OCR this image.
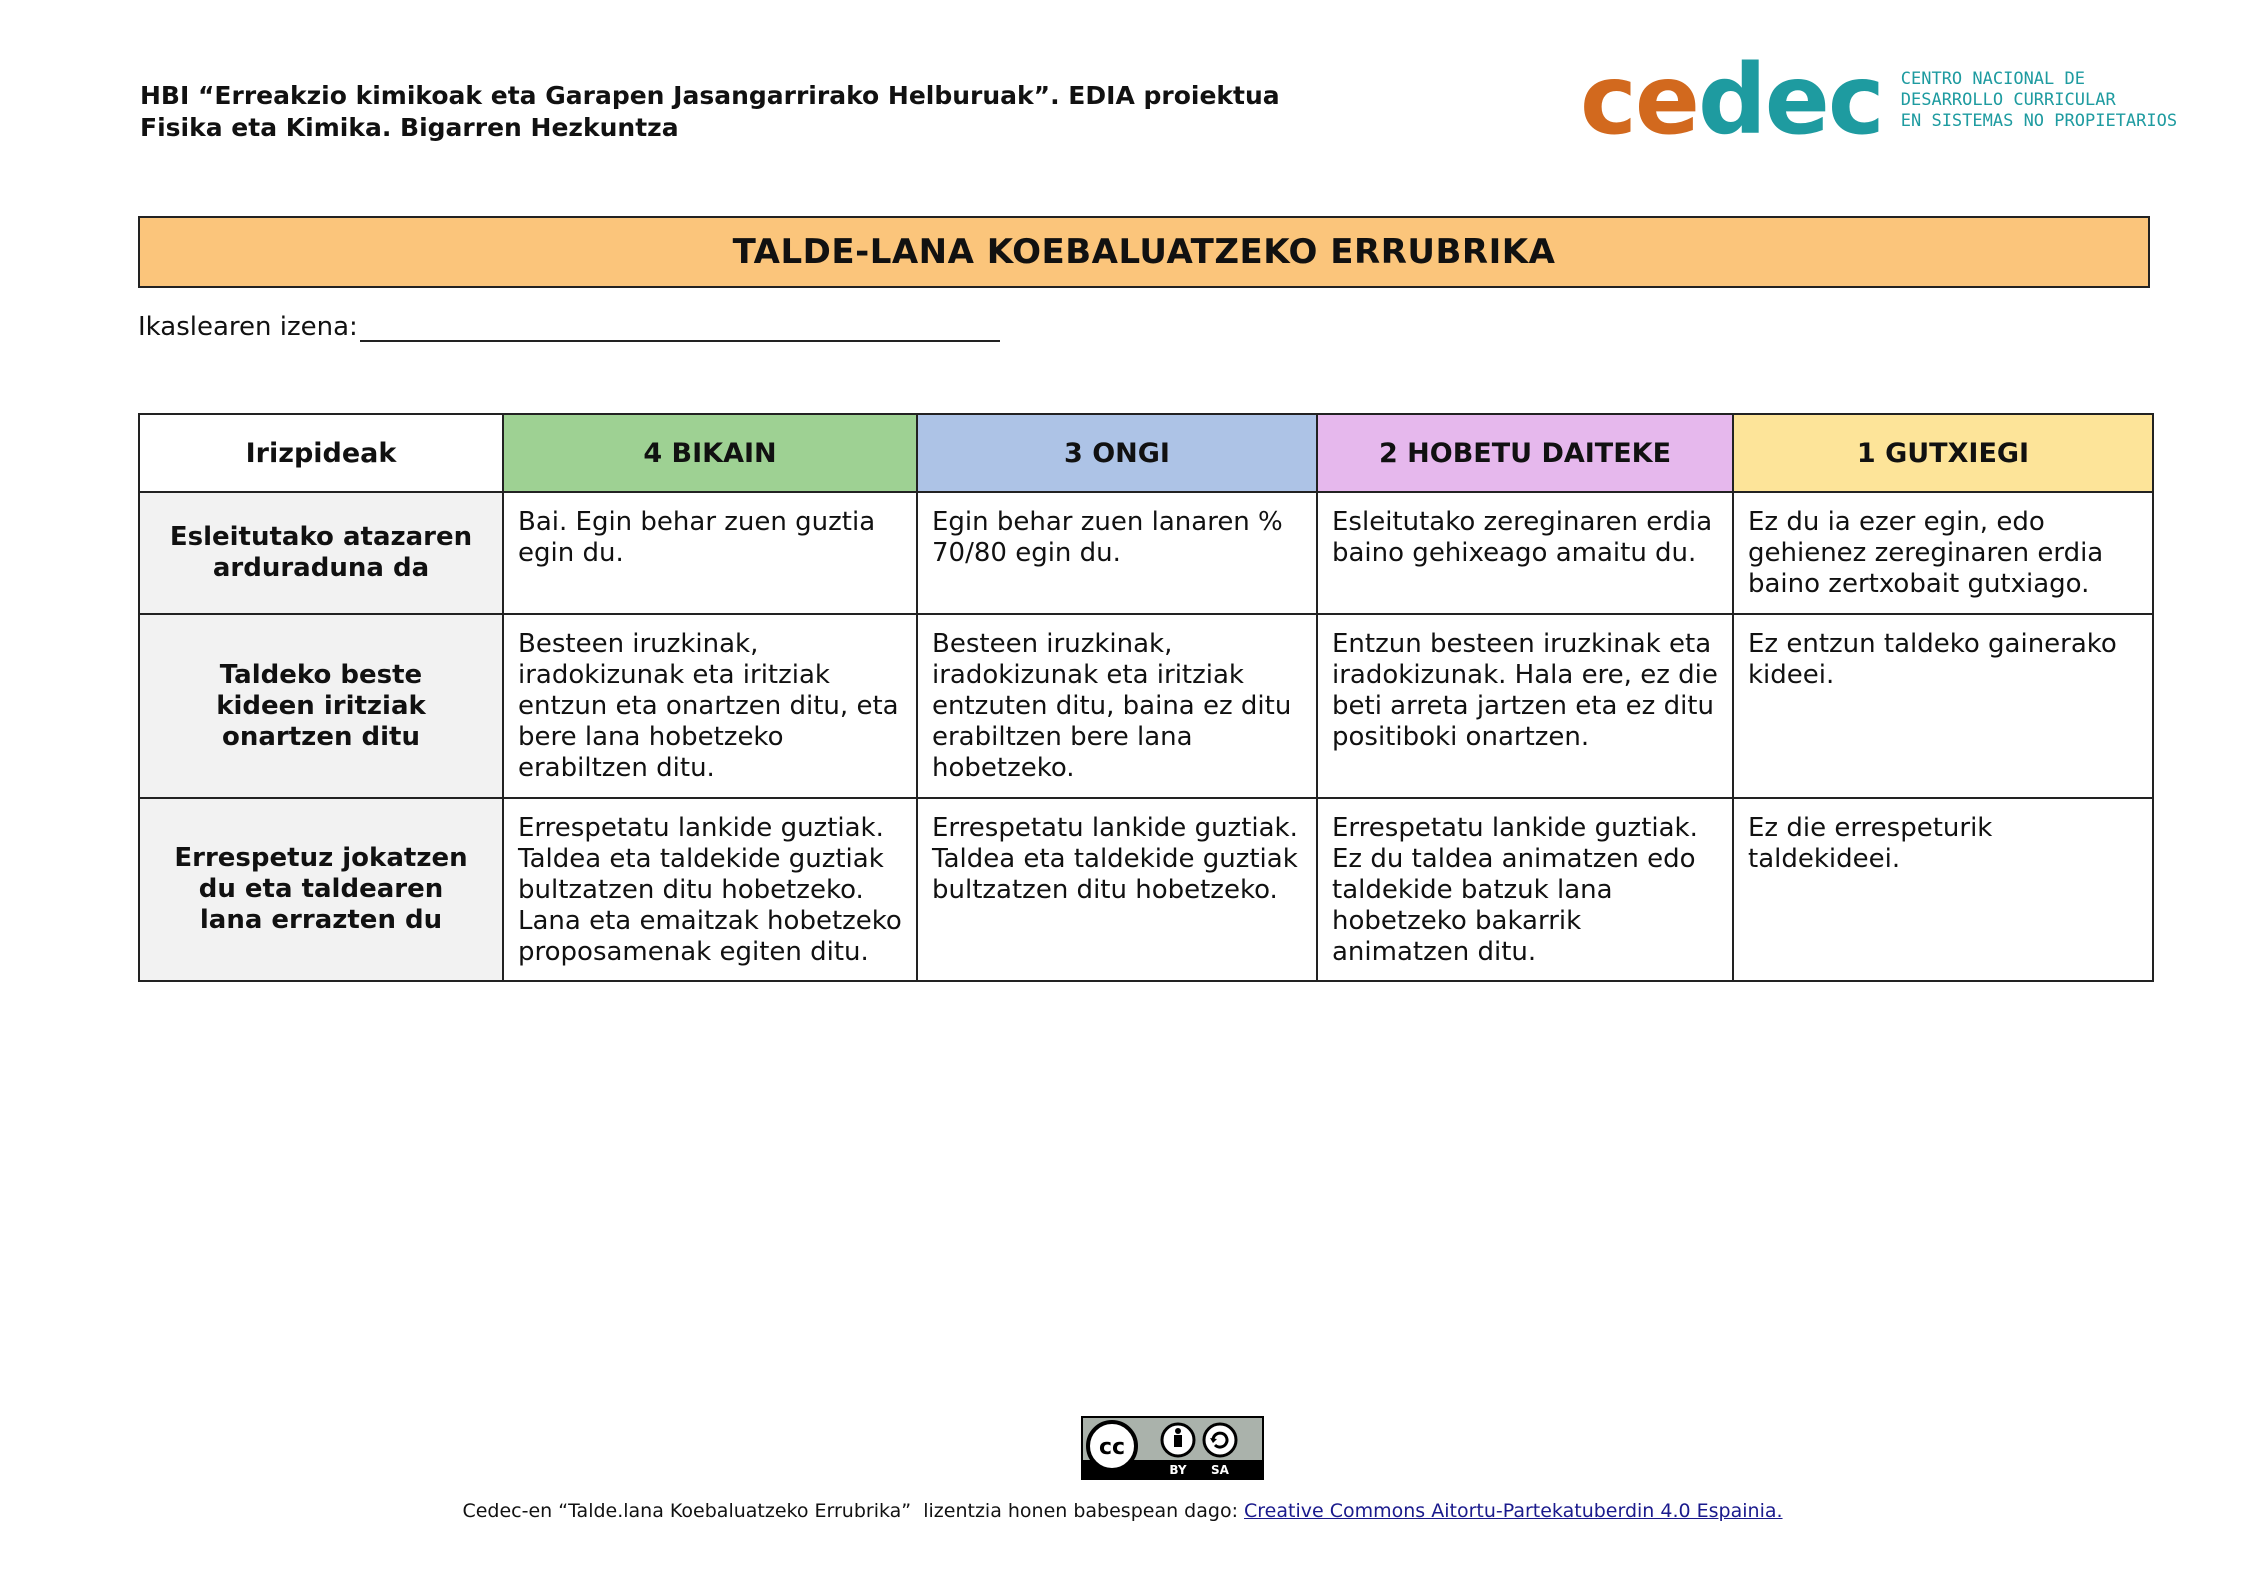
HBI “Erreakzio kimikoak eta Garapen Jasangarrirako Helburuak”. EDIA proiektua
Fisika eta Kimika. Bigarren Hezkuntza	cedec CENTRO NACIONAL DE
DESARROLLO CURRICULAR
EN SISTEMAS NO PROPIETARIOS
TALDE-LANA KOEBALUATZEKO ERRUBRIKA
Ikaslearen izena:
Irizpideak	4 BIKAIN	3 ONGI	2 HOBETU DAITEKE	1 GUTXIEGI
Esleitutako atazaren arduraduna da	Bai. Egin behar zuen guztia egin du.	Egin behar zuen lanaren % 70/80 egin du.	Esleitutako zereginaren erdia baino gehixeago amaitu du.	Ez du ia ezer egin, edo gehienez zereginaren erdia baino zertxobait gutxiago.
Taldeko beste kideen iritziak onartzen ditu	Besteen iruzkinak, iradokizunak eta iritziak entzun eta onartzen ditu, eta bere lana hobetzeko erabiltzen ditu.	Besteen iruzkinak, iradokizunak eta iritziak entzuten ditu, baina ez ditu erabiltzen bere lana hobetzeko.	Entzun besteen iruzkinak eta iradokizunak. Hala ere, ez die beti arreta jartzen eta ez ditu positiboki onartzen.	Ez entzun taldeko gainerako kideei.
Errespetuz jokatzen du eta taldearen lana errazten du	Errespetatu lankide guztiak. Taldea eta taldekide guztiak bultzatzen ditu hobetzeko. Lana eta emaitzak hobetzeko proposamenak egiten ditu.	Errespetatu lankide guztiak. Taldea eta taldekide guztiak bultzatzen ditu hobetzeko.	Errespetatu lankide guztiak. Ez du taldea animatzen edo taldekide batzuk lana hobetzeko bakarrik animatzen ditu.	Ez die errespeturik taldekideei.
cc
BY SA
Cedec-en “Talde.lana Koebaluatzeko Errubrika”  lizentzia honen babespean dago: Creative Commons Aitortu-Partekatuberdin 4.0 Espainia.
